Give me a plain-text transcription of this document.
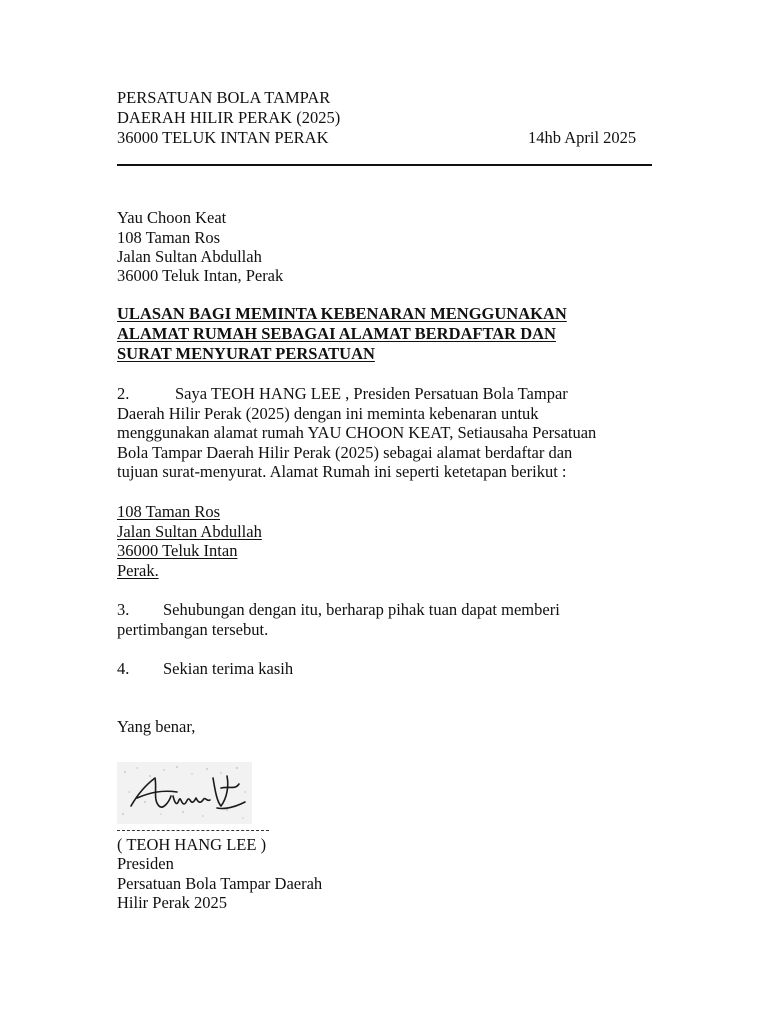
PERSATUAN BOLA TAMPAR
DAERAH HILIR PERAK (2025)
36000 TELUK INTAN PERAK	14hb April 2025
Yau Choon Keat
108 Taman Ros
Jalan Sultan Abdullah
36000 Teluk Intan, Perak
ULASAN BAGI MEMINTA KEBENARAN MENGGUNAKAN
ALAMAT RUMAH SEBAGAI ALAMAT BERDAFTAR DAN
SURAT MENYURAT PERSATUAN
2.	Saya TEOH HANG LEE , Presiden Persatuan Bola Tampar
Daerah Hilir Perak (2025) dengan ini meminta kebenaran untuk
menggunakan alamat rumah YAU CHOON KEAT, Setiausaha Persatuan
Bola Tampar Daerah Hilir Perak (2025) sebagai alamat berdaftar dan
tujuan surat-menyurat. Alamat Rumah ini seperti ketetapan berikut :
108 Taman Ros
Jalan Sultan Abdullah
36000 Teluk Intan
Perak.
3. Sehubungan dengan itu, berharap pihak tuan dapat memberi
pertimbangan tersebut.
4. Sekian terima kasih
Yang benar,
( TEOH HANG LEE )
Presiden
Persatuan Bola Tampar Daerah
Hilir Perak 2025
